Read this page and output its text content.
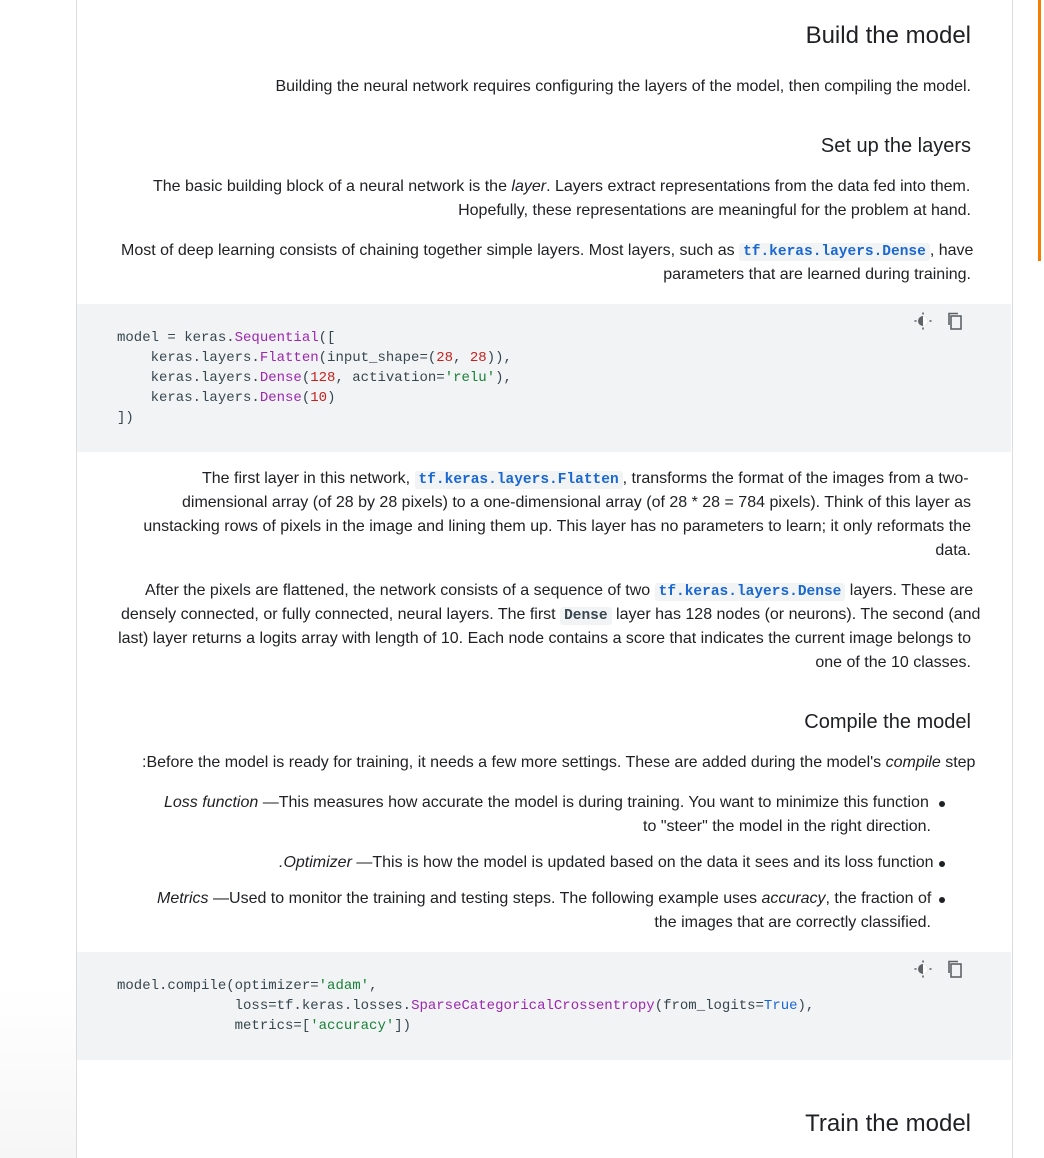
Build the model

.Building the neural network requires configuring the layers of the model, then compiling the model

Set up the layers

The basic building block of a neural network is the layer. Layers extract representations from the data fed into them.

.Hopefully, these representations are meaningful for the problem at hand

Most of deep learning consists of chaining together simple layers. Most layers, such as tf.keras.layers.Dense , have

.parameters that are learned during training

model = keras.Sequential([
keras.layers.Flatten(input_shape=(28, 28)),
keras.layers.Dense(128, activation='relu'),
keras.layers.Dense(10)
])

The first layer in this network, tf.keras.layers.Flatten , transforms the format of the images from a two-

dimensional array (of 28 by 28 pixels) to a one-dimensional array (of 28 * 28 = 784 pixels). Think of this layer as

unstacking rows of pixels in the image and lining them up. This layer has no parameters to learn; it only reformats the

.data

After the pixels are flattened, the network consists of a sequence of two tf.keras.layers.Dense layers. These are

densely connected, or fully connected, neural layers. The first Dense layer has 128 nodes (or neurons). The second (and

last) layer returns a logits array with length of 10. Each node contains a score that indicates the current image belongs to

.one of the 10 classes

Compile the model

:Before the model is ready for training, it needs a few more settings. These are added during the model's compile step

Loss function —This measures how accurate the model is during training. You want to minimize this function

.to "steer" the model in the right direction

.Optimizer —This is how the model is updated based on the data it sees and its loss function

Metrics —Used to monitor the training and testing steps. The following example uses accuracy, the fraction of

.the images that are correctly classified

model.compile(optimizer='adam',
loss=tf.keras.losses.SparseCategoricalCrossentropy(from_logits=True),
metrics=['accuracy'])
Train the model
